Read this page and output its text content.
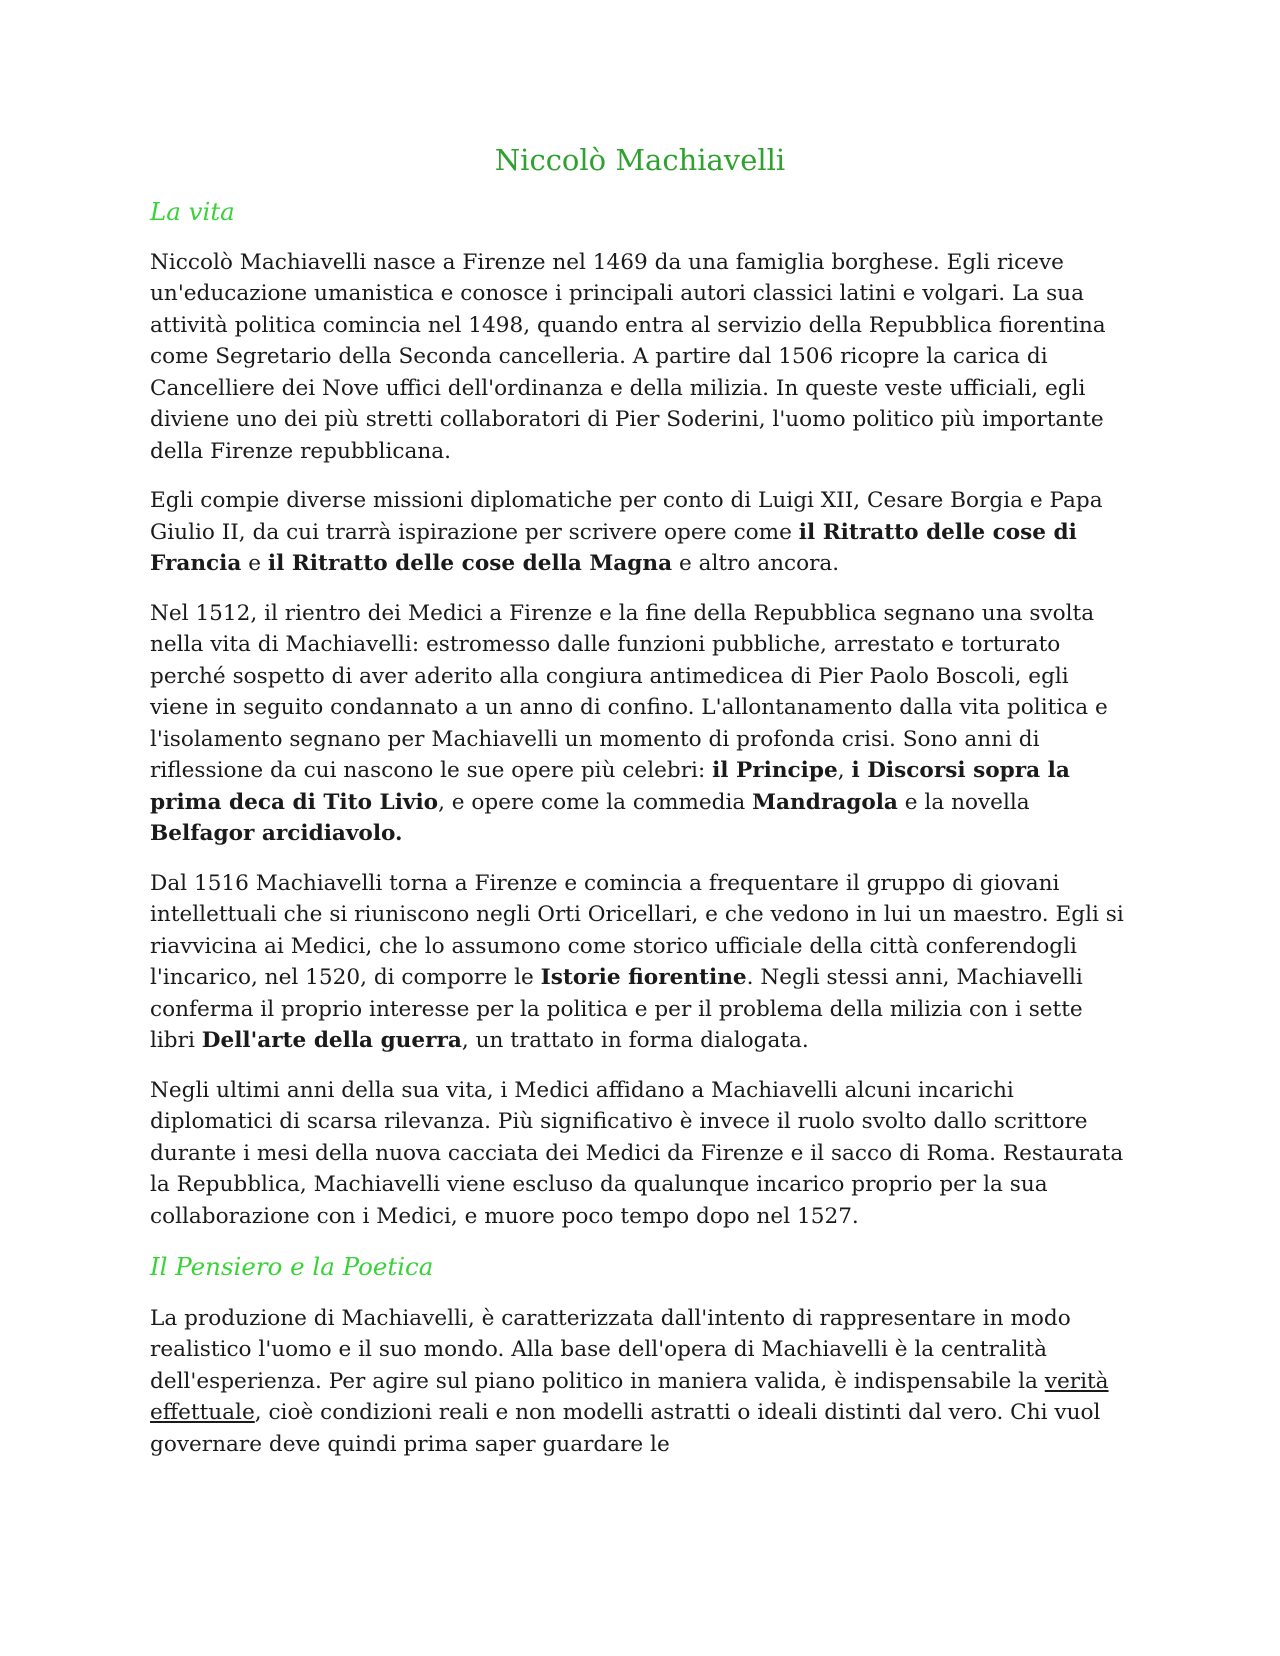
Niccolò Machiavelli
La vita

Niccolò Machiavelli nasce a Firenze nel 1469 da una famiglia borghese. Egli riceve un'educazione umanistica e conosce i principali autori classici latini e volgari. La sua attività politica comincia nel 1498, quando entra al servizio della Repubblica fiorentina come Segretario della Seconda cancelleria. A partire dal 1506 ricopre la carica di Cancelliere dei Nove uffici dell'ordinanza e della milizia. In queste veste ufficiali, egli diviene uno dei più stretti collaboratori di Pier Soderini, l'uomo politico più importante della Firenze repubblicana.

Egli compie diverse missioni diplomatiche per conto di Luigi XII, Cesare Borgia e Papa Giulio II, da cui trarrà ispirazione per scrivere opere come il Ritratto delle cose di Francia e il Ritratto delle cose della Magna e altro ancora.

Nel 1512, il rientro dei Medici a Firenze e la fine della Repubblica segnano una svolta nella vita di Machiavelli: estromesso dalle funzioni pubbliche, arrestato e torturato perché sospetto di aver aderito alla congiura antimedicea di Pier Paolo Boscoli, egli viene in seguito condannato a un anno di confino. L'allontanamento dalla vita politica e l'isolamento segnano per Machiavelli un momento di profonda crisi. Sono anni di riflessione da cui nascono le sue opere più celebri: il Principe, i Discorsi sopra la prima deca di Tito Livio, e opere come la commedia Mandragola e la novella Belfagor arcidiavolo.

Dal 1516 Machiavelli torna a Firenze e comincia a frequentare il gruppo di giovani intellettuali che si riuniscono negli Orti Oricellari, e che vedono in lui un maestro. Egli si riavvicina ai Medici, che lo assumono come storico ufficiale della città conferendogli l'incarico, nel 1520, di comporre le Istorie fiorentine. Negli stessi anni, Machiavelli conferma il proprio interesse per la politica e per il problema della milizia con i sette libri Dell'arte della guerra, un trattato in forma dialogata.

Negli ultimi anni della sua vita, i Medici affidano a Machiavelli alcuni incarichi diplomatici di scarsa rilevanza. Più significativo è invece il ruolo svolto dallo scrittore durante i mesi della nuova cacciata dei Medici da Firenze e il sacco di Roma. Restaurata la Repubblica, Machiavelli viene escluso da qualunque incarico proprio per la sua collaborazione con i Medici, e muore poco tempo dopo nel 1527.

Il Pensiero e la Poetica

La produzione di Machiavelli, è caratterizzata dall'intento di rappresentare in modo realistico l'uomo e il suo mondo. Alla base dell'opera di Machiavelli è la centralità dell'esperienza. Per agire sul piano politico in maniera valida, è indispensabile la verità effettuale, cioè condizioni reali e non modelli astratti o ideali distinti dal vero. Chi vuol governare deve quindi prima saper guardare le
